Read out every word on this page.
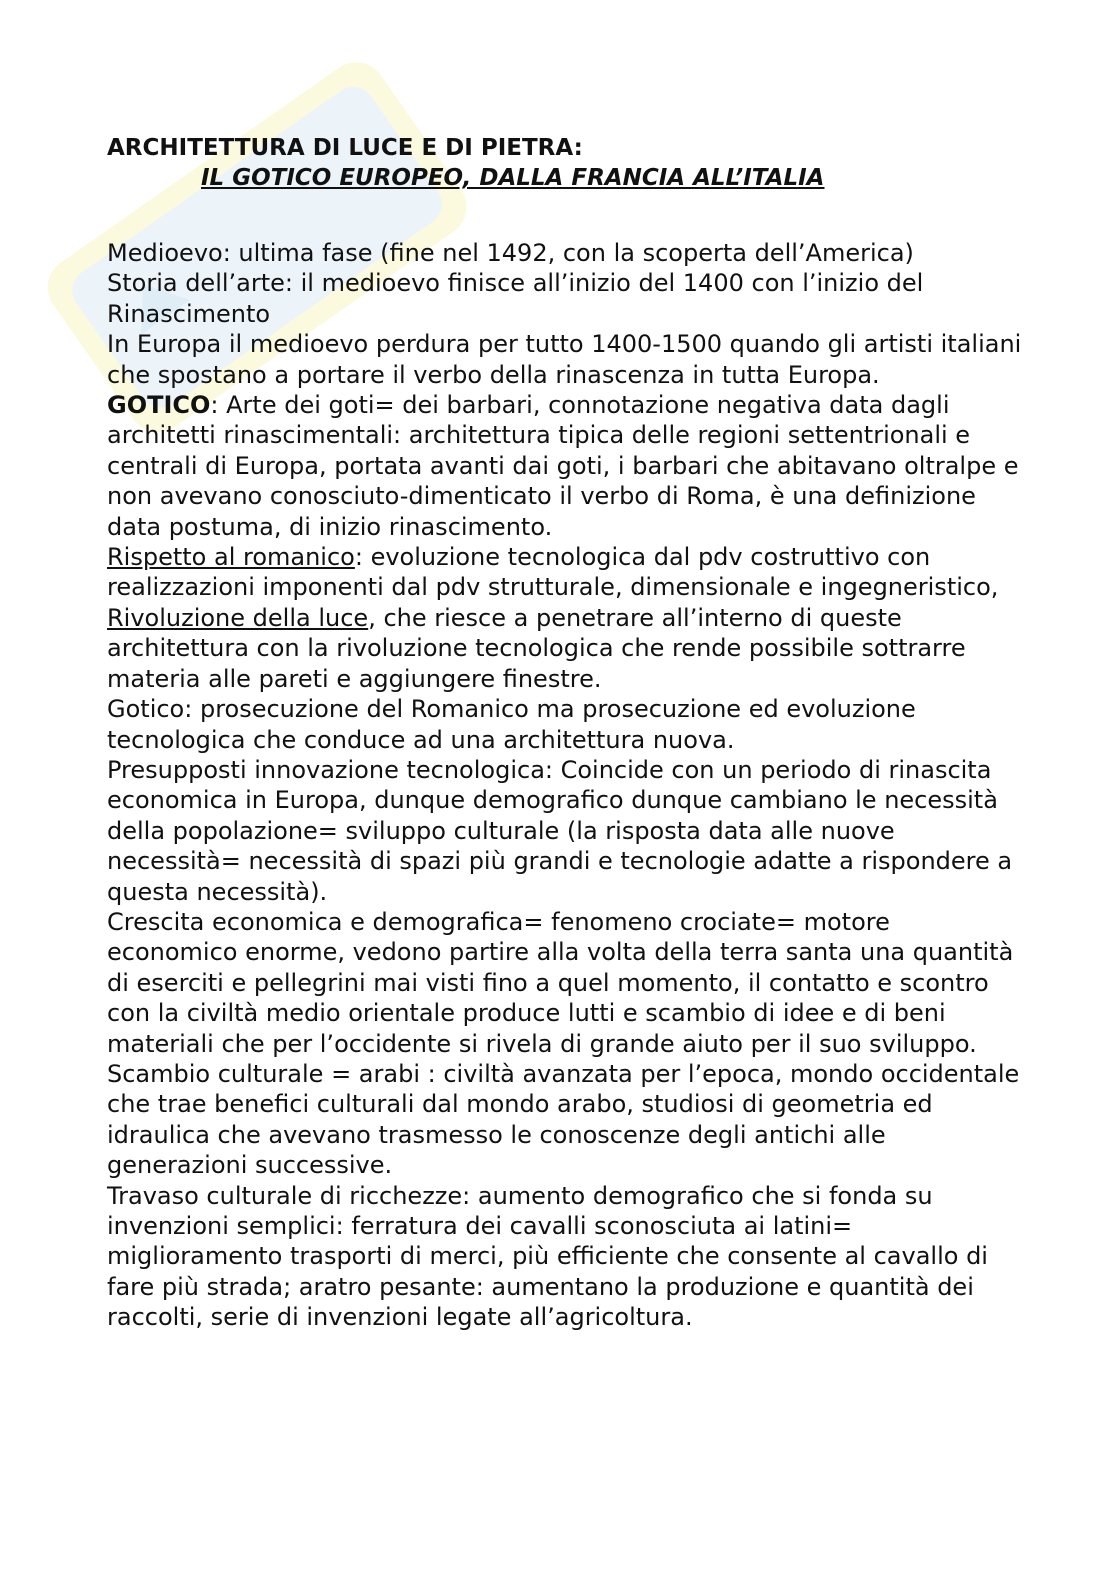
ARCHITETTURA DI LUCE E DI PIETRA:

IL GOTICO EUROPEO, DALLA FRANCIA ALL’ITALIA

Medioevo: ultima fase (fine nel 1492, con la scoperta dell’America)

Storia dell’arte: il medioevo finisce all’inizio del 1400 con l’inizio del Rinascimento

In Europa il medioevo perdura per tutto 1400-1500 quando gli artisti italiani che spostano a portare il verbo della rinascenza in tutta Europa.

GOTICO: Arte dei goti= dei barbari, connotazione negativa data dagli architetti rinascimentali: architettura tipica delle regioni settentrionali e centrali di Europa, portata avanti dai goti, i barbari che abitavano oltralpe e non avevano conosciuto-dimenticato il verbo di Roma, è una definizione data postuma, di inizio rinascimento.

Rispetto al romanico: evoluzione tecnologica dal pdv costruttivo con realizzazioni imponenti dal pdv strutturale, dimensionale e ingegneristico, Rivoluzione della luce, che riesce a penetrare all’interno di queste architettura con la rivoluzione tecnologica che rende possibile sottrarre materia alle pareti e aggiungere finestre.

Gotico: prosecuzione del Romanico ma prosecuzione ed evoluzione tecnologica che conduce ad una architettura nuova.

Presupposti innovazione tecnologica: Coincide con un periodo di rinascita economica in Europa, dunque demografico dunque cambiano le necessità della popolazione= sviluppo culturale (la risposta data alle nuove necessità= necessità di spazi più grandi e tecnologie adatte a rispondere a questa necessità).

Crescita economica e demografica= fenomeno crociate= motore economico enorme, vedono partire alla volta della terra santa una quantità di eserciti e pellegrini mai visti fino a quel momento, il contatto e scontro con la civiltà medio orientale produce lutti e scambio di idee e di beni materiali che per l’occidente si rivela di grande aiuto per il suo sviluppo.

Scambio culturale = arabi : civiltà avanzata per l’epoca, mondo occidentale che trae benefici culturali dal mondo arabo, studiosi di geometria ed idraulica che avevano trasmesso le conoscenze degli antichi alle generazioni successive.

Travaso culturale di ricchezze: aumento demografico che si fonda su invenzioni semplici: ferratura dei cavalli sconosciuta ai latini= miglioramento trasporti di merci, più efficiente che consente al cavallo di fare più strada; aratro pesante: aumentano la produzione e quantità dei raccolti, serie di invenzioni legate all’agricoltura.
